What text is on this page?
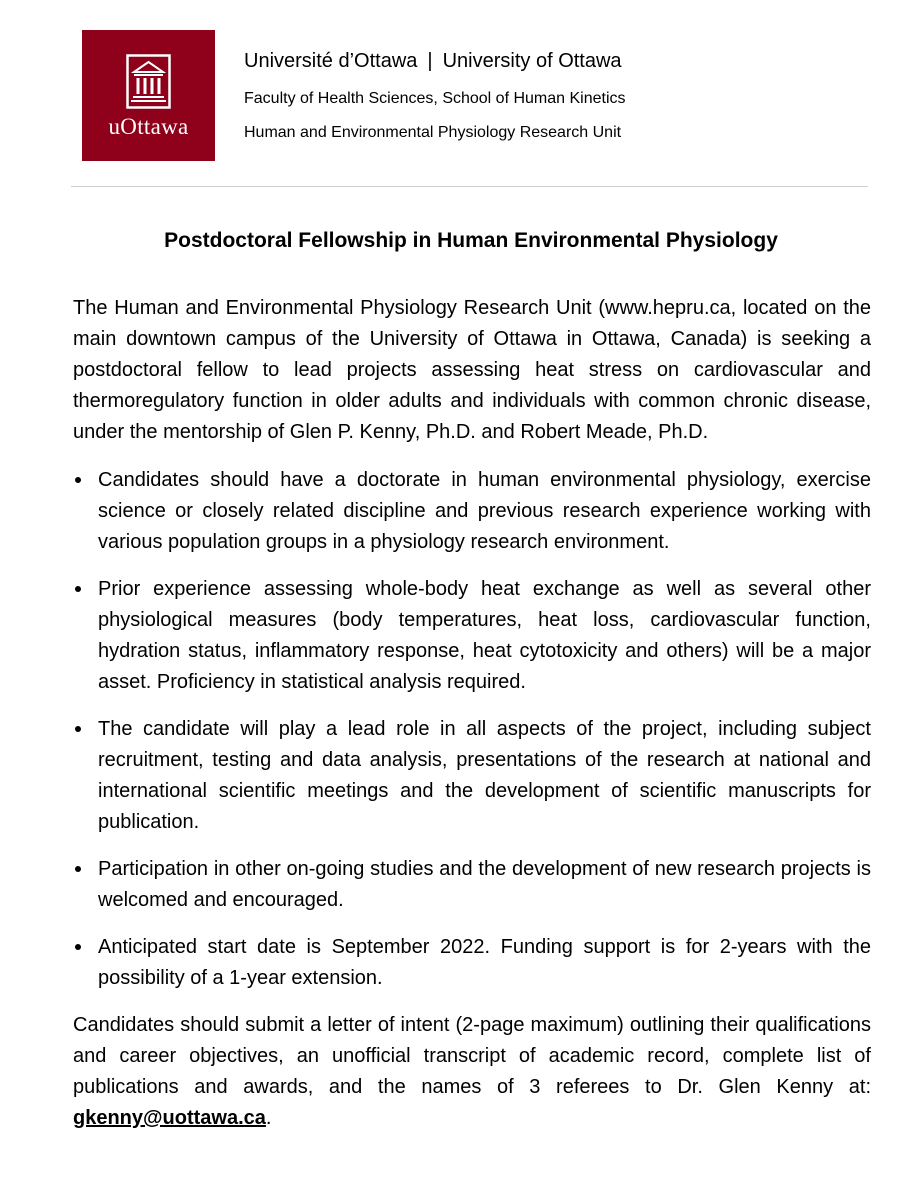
uOttawa
Université d’Ottawa | University of Ottawa
Faculty of Health Sciences, School of Human Kinetics
Human and Environmental Physiology Research Unit
Postdoctoral Fellowship in Human Environmental Physiology

The Human and Environmental Physiology Research Unit (www.hepru.ca, located on the main downtown campus of the University of Ottawa in Ottawa, Canada) is seeking a postdoctoral fellow to lead projects assessing heat stress on cardiovascular and thermoregulatory function in older adults and individuals with common chronic disease, under the mentorship of Glen P. Kenny, Ph.D. and Robert Meade, Ph.D.

Candidates should have a doctorate in human environmental physiology, exercise science or closely related discipline and previous research experience working with various population groups in a physiology research environment.
Prior experience assessing whole-body heat exchange as well as several other physiological measures (body temperatures, heat loss, cardiovascular function, hydration status, inflammatory response, heat cytotoxicity and others) will be a major asset. Proficiency in statistical analysis required.
The candidate will play a lead role in all aspects of the project, including subject recruitment, testing and data analysis, presentations of the research at national and international scientific meetings and the development of scientific manuscripts for publication.
Participation in other on-going studies and the development of new research projects is welcomed and encouraged.
Anticipated start date is September 2022. Funding support is for 2-years with the possibility of a 1-year extension.

Candidates should submit a letter of intent (2-page maximum) outlining their qualifications and career objectives, an unofficial transcript of academic record, complete list of publications and awards, and the names of 3 referees to Dr. Glen Kenny at: gkenny@uottawa.ca.
